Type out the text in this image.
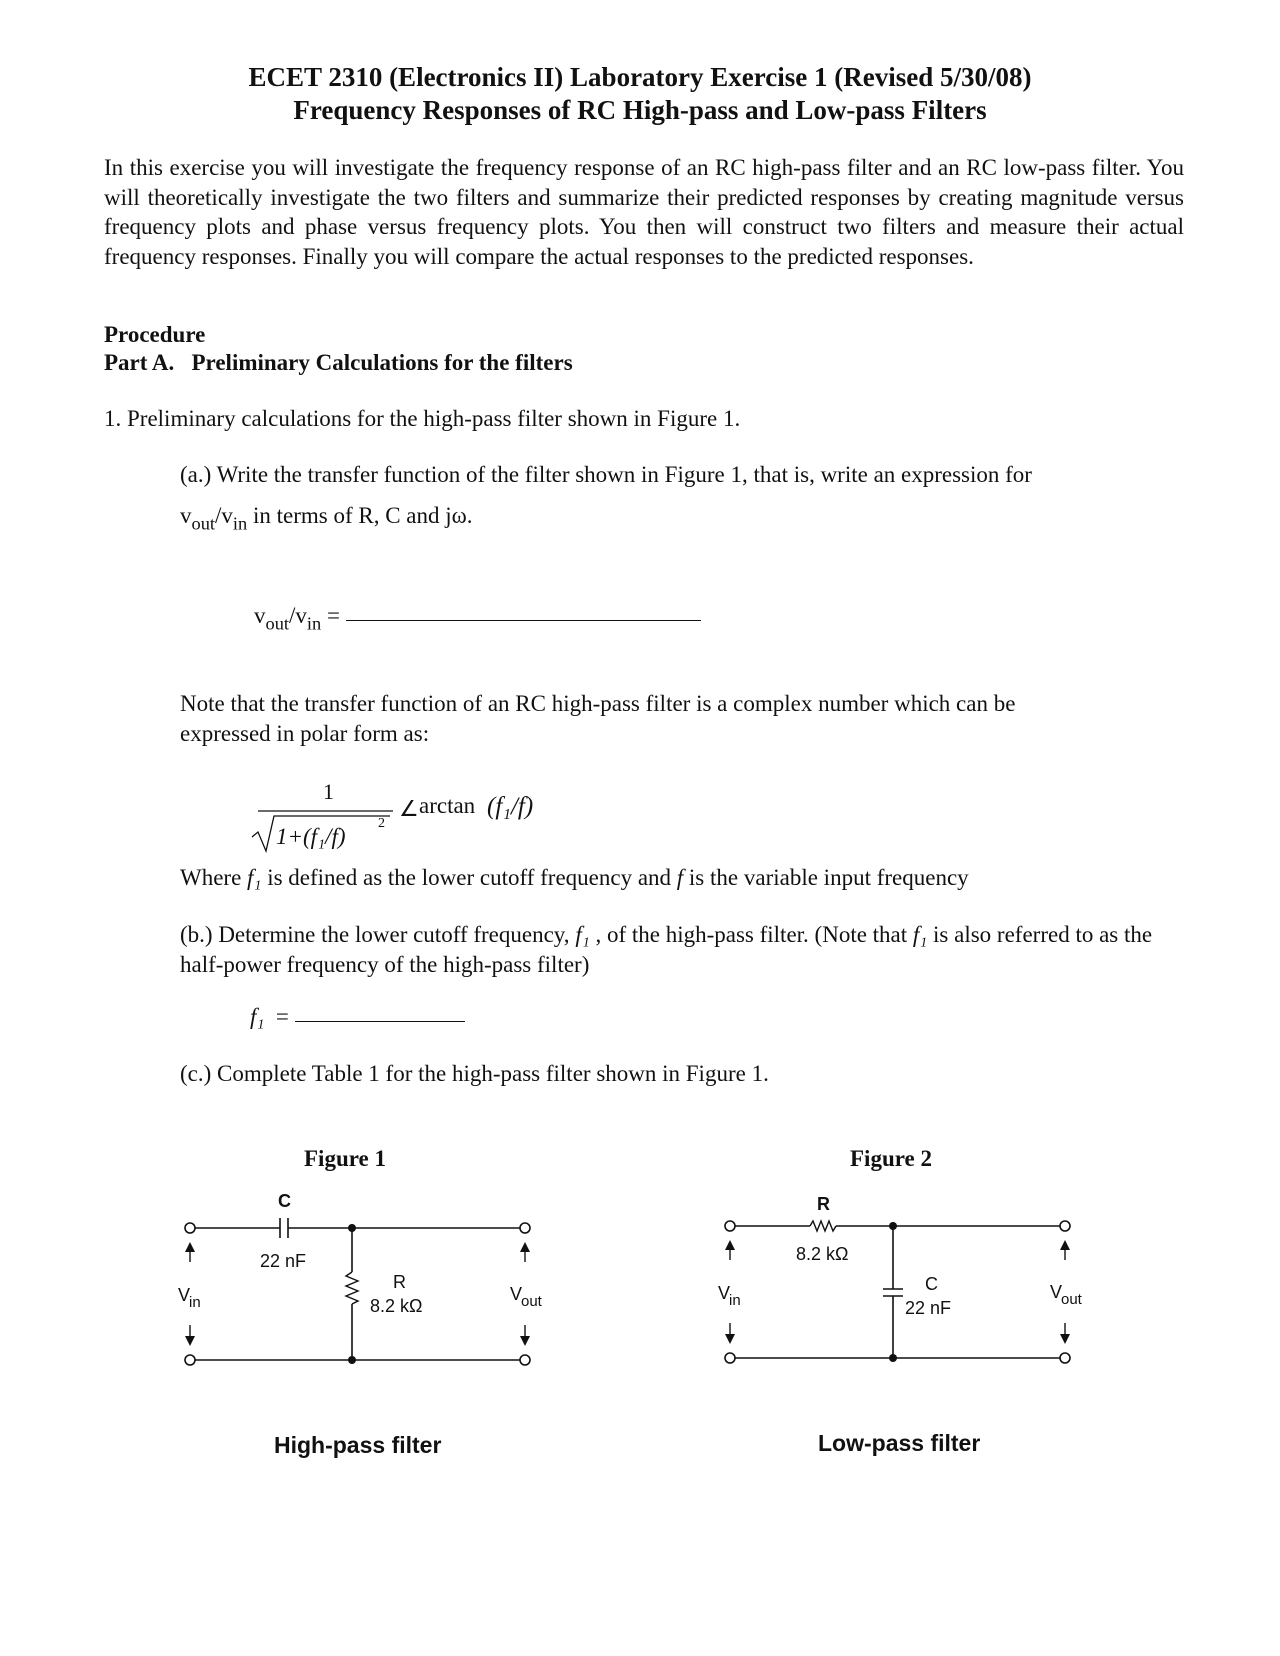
ECET 2310 (Electronics II) Laboratory Exercise 1 (Revised 5/30/08)
Frequency Responses of RC High-pass and Low-pass Filters
In this exercise you will investigate the frequency response of an RC high-pass filter and an RC low-pass filter. You will theoretically investigate the two filters and summarize their predicted responses by creating magnitude versus frequency plots and phase versus frequency plots. You then will construct two filters and measure their actual frequency responses. Finally you will compare the actual responses to the predicted responses.
Procedure
Part A.   Preliminary Calculations for the filters
1. Preliminary calculations for the high-pass filter shown in Figure 1.
(a.) Write the transfer function of the filter shown in Figure 1, that is, write an expression for
$v_{out}/v_{in}$ in terms of R, C and jω.
$v_{out}/v_{in}$ =
Note that the transfer function of an RC high-pass filter is a complex number which can be expressed in polar form as:
1
1+(f₁/f)
2
∠ arctan (f₁/f)
Where f₁ is defined as the lower cutoff frequency and f is the variable input frequency
(b.) Determine the lower cutoff frequency, f₁ , of the high-pass filter. (Note that f₁ is also referred to as the half-power frequency of the high-pass filter)
f₁  =
(c.) Complete Table 1 for the high-pass filter shown in Figure 1.
Figure 1
C
22 nF
R
8.2 kΩ
V
in	V
out
High-pass filter
Figure 2
R
8.2 kΩ
C
22 nF
V
in	V
out
Low-pass filter
